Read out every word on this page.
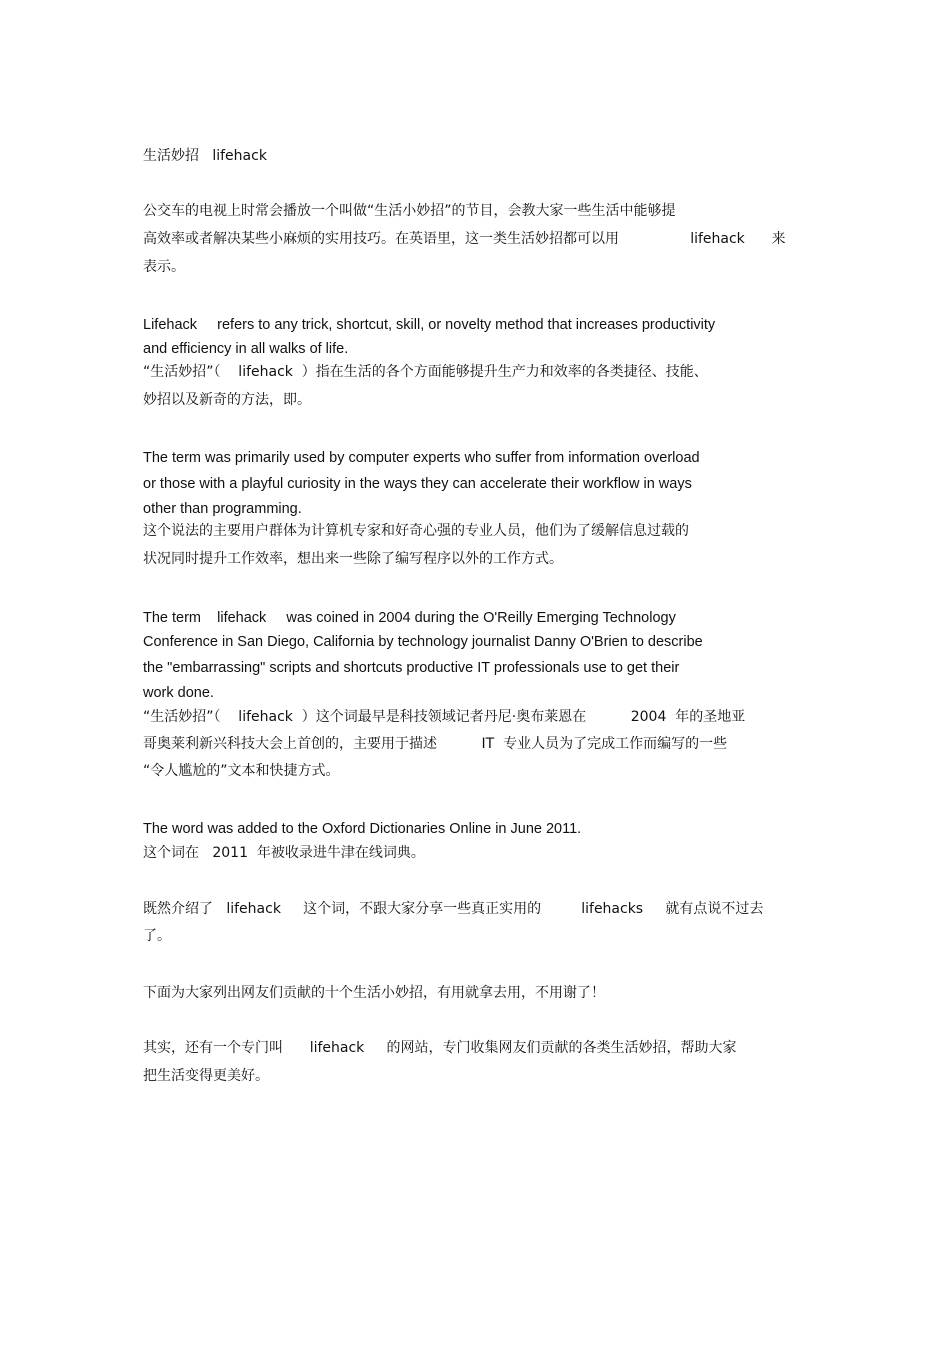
生活妙招   lifehack
公交车的电视上时常会播放一个叫做“生活小妙招”的节目，会教大家一些生活中能够提
高效率或者解决某些小麻烦的实用技巧。在英语里，这一类生活妙招都可以用                lifehack      来
表示。
Lifehack     refers to any trick, shortcut, skill, or novelty method that increases productivity
and efficiency in all walks of life.
“生活妙招”（    lifehack  ）指在生活的各个方面能够提升生产力和效率的各类捷径、技能、
妙招以及新奇的方法，即。
The term was primarily used by computer experts who suffer from information overload
or those with a playful curiosity in the ways they can accelerate their workflow in ways
other than programming.
这个说法的主要用户群体为计算机专家和好奇心强的专业人员，他们为了缓解信息过载的
状况同时提升工作效率，想出来一些除了编写程序以外的工作方式。
The term    lifehack     was coined in 2004 during the O'Reilly Emerging Technology
Conference in San Diego, California by technology journalist Danny O'Brien to describe
the "embarrassing" scripts and shortcuts productive IT professionals use to get their
work done.
“生活妙招”（    lifehack  ）这个词最早是科技领域记者丹尼·奥布莱恩在          2004  年的圣地亚
哥奥莱利新兴科技大会上首创的，主要用于描述          IT  专业人员为了完成工作而编写的一些
“令人尴尬的”文本和快捷方式。
The word was added to the Oxford Dictionaries Online in June 2011.
这个词在   2011  年被收录进牛津在线词典。
既然介绍了   lifehack     这个词，不跟大家分享一些真正实用的         lifehacks     就有点说不过去
了。
下面为大家列出网友们贡献的十个生活小妙招，有用就拿去用，不用谢了！
其实，还有一个专门叫      lifehack     的网站，专门收集网友们贡献的各类生活妙招，帮助大家
把生活变得更美好。
